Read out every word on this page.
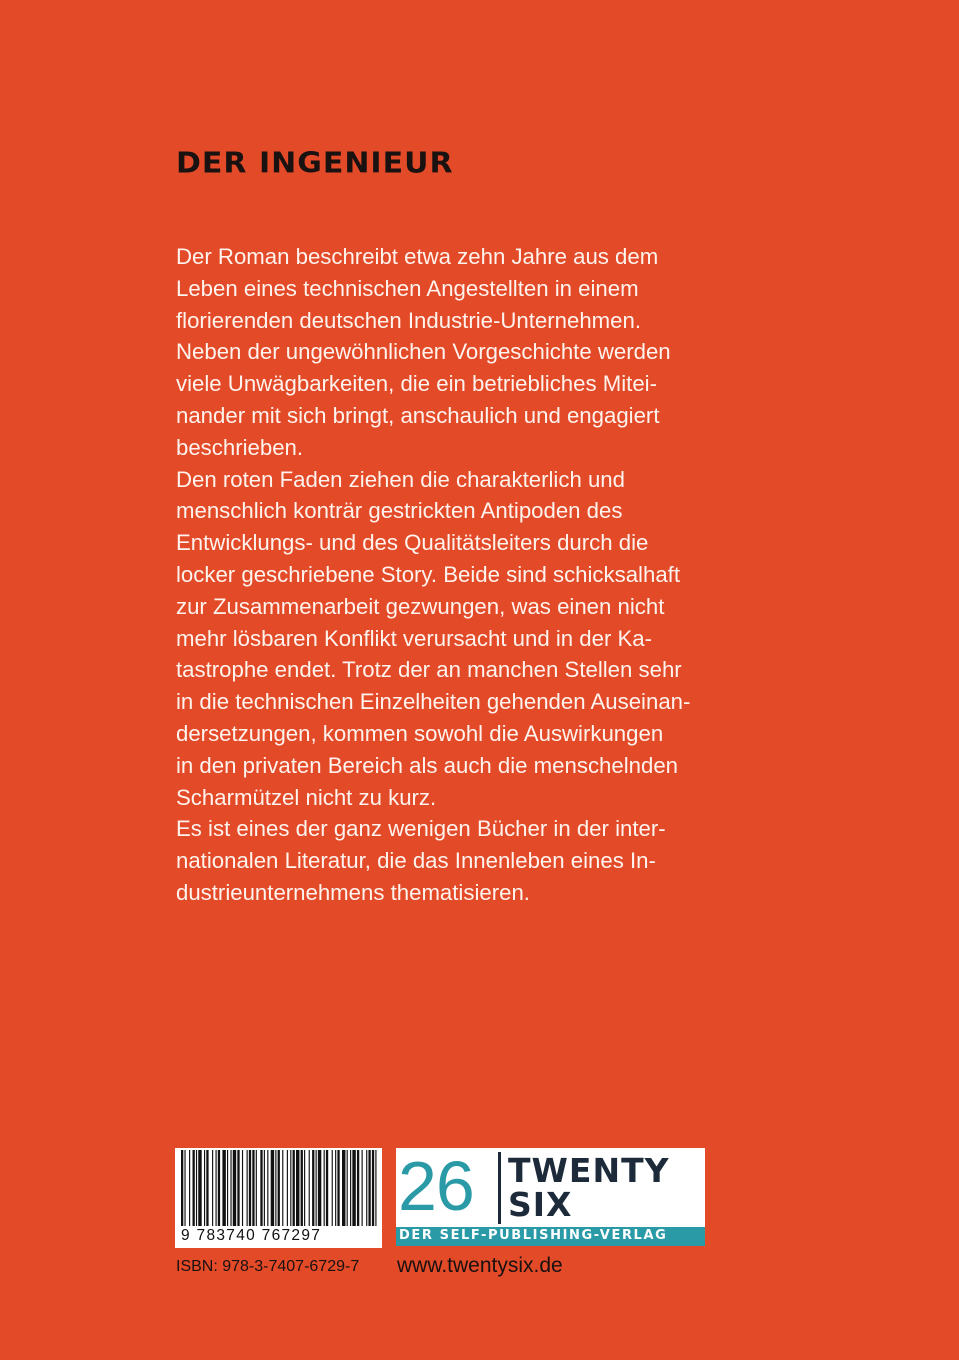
DER INGENIEUR
Der Roman beschreibt etwa zehn Jahre aus dem
Leben eines technischen Angestellten in einem
florierenden deutschen Industrie-Unternehmen.
Neben der ungewöhnlichen Vorgeschichte werden
viele Unwägbarkeiten, die ein betriebliches Mitei-
nander mit sich bringt, anschaulich und engagiert
beschrieben.
Den roten Faden ziehen die charakterlich und
menschlich konträr gestrickten Antipoden des
Entwicklungs- und des Qualitätsleiters durch die
locker geschriebene Story. Beide sind schicksalhaft
zur Zusammenarbeit gezwungen, was einen nicht
mehr lösbaren Konflikt verursacht und in der Ka-
tastrophe endet. Trotz der an manchen Stellen sehr
in die technischen Einzelheiten gehenden Auseinan-
dersetzungen, kommen sowohl die Auswirkungen
in den privaten Bereich als auch die menschelnden
Scharmützel nicht zu kurz.
Es ist eines der ganz wenigen Bücher in der inter-
nationalen Literatur, die das Innenleben eines In-
dustrieunternehmens thematisieren.
9 783740 767297
ISBN: 978-3-7407-6729-7
26 TWENTY
SIX
DER SELF-PUBLISHING-VERLAG
www.twentysix.de
